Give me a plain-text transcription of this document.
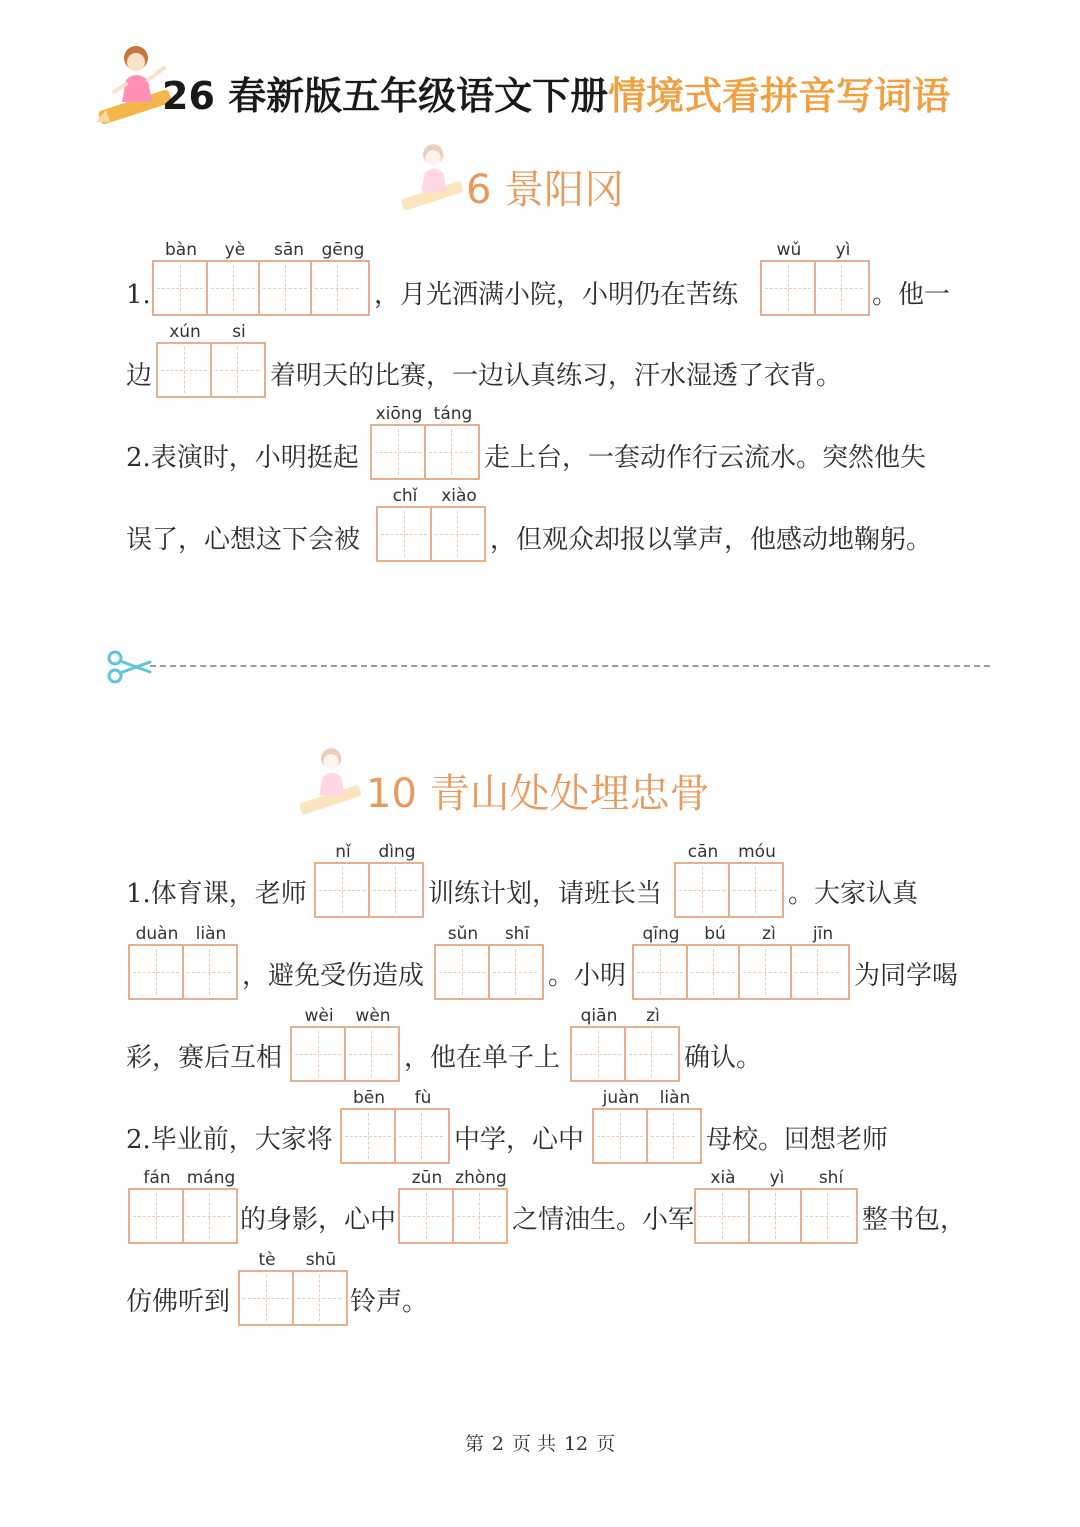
26 春新版五年级语文下册情境式看拼音写词语
6 景阳冈
1.
bàn	yè	sān	gēng
，月光洒满小院，小明仍在苦练
wǔ	yì
。他一
边
xún	si
着明天的比赛，一边认真练习，汗水湿透了衣背。
2.表演时，小明挺起
xiōng táng
走上台，一套动作行云流水。突然他失
误了，心想这下会被
chǐ	xiào
，但观众却报以掌声，他感动地鞠躬。
10 青山处处埋忠骨
1.体育课，老师
nǐ	dìng
训练计划，请班长当
cān	móu
。大家认真
duàn	liàn
，避免受伤造成
sǔn	shī
。小明
qīng	bú	zì	jīn
为同学喝
彩，赛后互相
wèi	wèn
，他在单子上
qiān	zì
确认。
2.毕业前，大家将
bēn	fù
中学，心中
juàn	liàn
母校。回想老师
fán máng
的身影，心中
zūn zhòng
之情油生。小军
xià	yì	shí
整书包，
仿佛听到
tè	shū
铃声。
第 2 页 共 12 页
